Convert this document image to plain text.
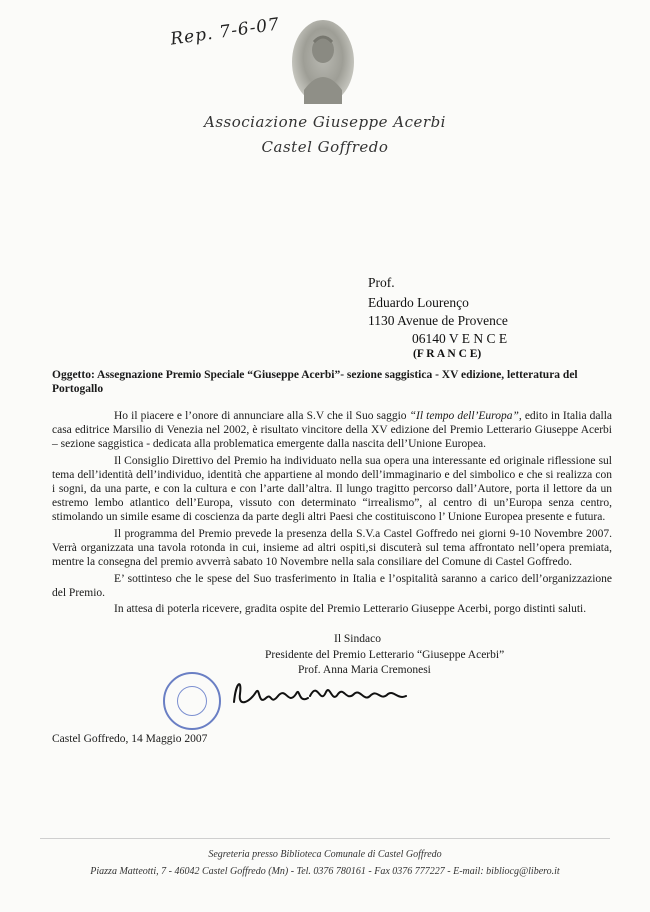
Rep. 7-6-07
Associazione Giuseppe Acerbi
Castel Goffredo
Prof.
Eduardo Lourenço
1130 Avenue de Provence
06140 V E N C E
(F R A N C E)
Oggetto: Assegnazione Premio Speciale “Giuseppe Acerbi”- sezione saggistica - XV edizione, letteratura del Portogallo
Ho il piacere e l’onore di annunciare alla S.V che il Suo saggio “Il tempo dell’Europa”, edito in Italia dalla casa editrice Marsilio di Venezia nel 2002, è risultato vincitore della XV edizione del Premio Letterario Giuseppe Acerbi – sezione saggistica - dedicata alla problematica emergente dalla nascita dell’Unione Europea.
Il Consiglio Direttivo del Premio ha individuato nella sua opera una interessante ed originale riflessione sul tema dell’identità dell’individuo, identità che appartiene al mondo dell’immaginario e del simbolico e che si realizza con i sogni, da una parte, e con la cultura e con l’arte dall’altra. Il lungo tragitto percorso dall’Autore, porta il lettore da un estremo lembo atlantico dell’Europa, vissuto con determinato “irrealismo”, al centro di un’Europa senza centro, stimolando un simile esame di coscienza da parte degli altri Paesi che costituiscono l’ Unione Europea presente e futura.
Il programma del Premio prevede la presenza della S.V.a Castel Goffredo nei giorni 9-10 Novembre 2007. Verrà organizzata una tavola rotonda in cui, insieme ad altri ospiti,si discuterà sul tema affrontato nell’opera premiata, mentre la consegna del premio avverrà sabato 10 Novembre nella sala consiliare del Comune di Castel Goffredo.
E’ sottinteso che le spese del Suo trasferimento in Italia e l’ospitalità saranno a carico dell’organizzazione del Premio.
In attesa di poterla ricevere, gradita ospite del Premio Letterario Giuseppe Acerbi, porgo distinti saluti.
Il Sindaco
Presidente del Premio Letterario “Giuseppe Acerbi”
Prof. Anna Maria Cremonesi
Castel Goffredo, 14 Maggio 2007
Segreteria presso Biblioteca Comunale di Castel Goffredo
Piazza Matteotti, 7 - 46042 Castel Goffredo (Mn) - Tel. 0376 780161 - Fax 0376 777227 - E-mail: bibliocg@libero.it
